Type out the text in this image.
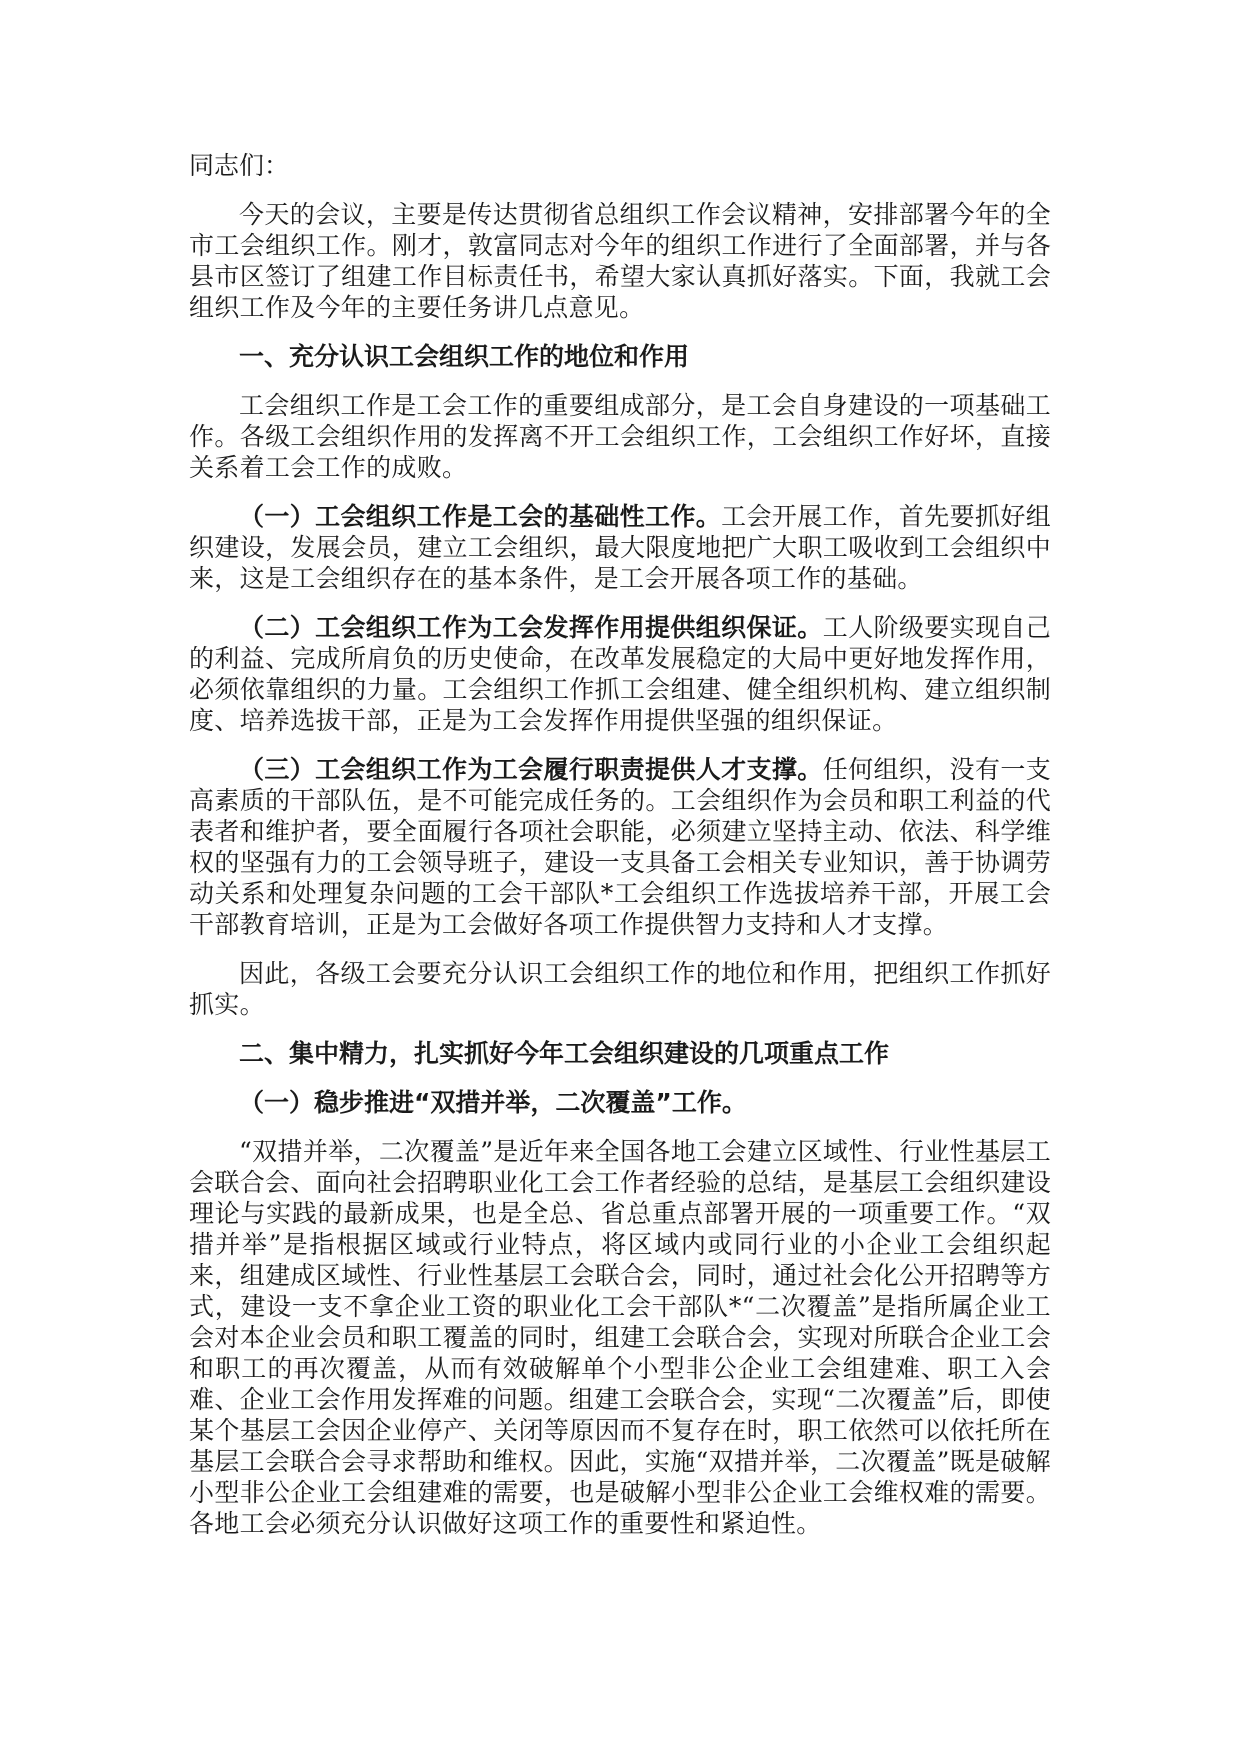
同志们：

今天的会议，主要是传达贯彻省总组织工作会议精神，安排部署今年的全市工会组织工作。刚才，敦富同志对今年的组织工作进行了全面部署，并与各县市区签订了组建工作目标责任书，希望大家认真抓好落实。下面，我就工会组织工作及今年的主要任务讲几点意见。

一、充分认识工会组织工作的地位和作用

工会组织工作是工会工作的重要组成部分，是工会自身建设的一项基础工作。各级工会组织作用的发挥离不开工会组织工作，工会组织工作好坏，直接关系着工会工作的成败。

（一）工会组织工作是工会的基础性工作。工会开展工作，首先要抓好组织建设，发展会员，建立工会组织，最大限度地把广大职工吸收到工会组织中来，这是工会组织存在的基本条件，是工会开展各项工作的基础。

（二）工会组织工作为工会发挥作用提供组织保证。工人阶级要实现自己的利益、完成所肩负的历史使命，在改革发展稳定的大局中更好地发挥作用，必须依靠组织的力量。工会组织工作抓工会组建、健全组织机构、建立组织制度、培养选拔干部，正是为工会发挥作用提供坚强的组织保证。

（三）工会组织工作为工会履行职责提供人才支撑。任何组织，没有一支高素质的干部队伍，是不可能完成任务的。工会组织作为会员和职工利益的代表者和维护者，要全面履行各项社会职能，必须建立坚持主动、依法、科学维权的坚强有力的工会领导班子，建设一支具备工会相关专业知识，善于协调劳动关系和处理复杂问题的工会干部队*工会组织工作选拔培养干部，开展工会干部教育培训，正是为工会做好各项工作提供智力支持和人才支撑。

因此，各级工会要充分认识工会组织工作的地位和作用，把组织工作抓好抓实。

二、集中精力，扎实抓好今年工会组织建设的几项重点工作

（一）稳步推进“双措并举，二次覆盖”工作。

“双措并举，二次覆盖”是近年来全国各地工会建立区域性、行业性基层工会联合会、面向社会招聘职业化工会工作者经验的总结，是基层工会组织建设理论与实践的最新成果，也是全总、省总重点部署开展的一项重要工作。“双措并举”是指根据区域或行业特点，将区域内或同行业的小企业工会组织起来，组建成区域性、行业性基层工会联合会，同时，通过社会化公开招聘等方式，建设一支不拿企业工资的职业化工会干部队*“二次覆盖”是指所属企业工会对本企业会员和职工覆盖的同时，组建工会联合会，实现对所联合企业工会和职工的再次覆盖，从而有效破解单个小型非公企业工会组建难、职工入会难、企业工会作用发挥难的问题。组建工会联合会，实现“二次覆盖”后，即使某个基层工会因企业停产、关闭等原因而不复存在时，职工依然可以依托所在基层工会联合会寻求帮助和维权。因此，实施“双措并举，二次覆盖”既是破解小型非公企业工会组建难的需要，也是破解小型非公企业工会维权难的需要。各地工会必须充分认识做好这项工作的重要性和紧迫性。
